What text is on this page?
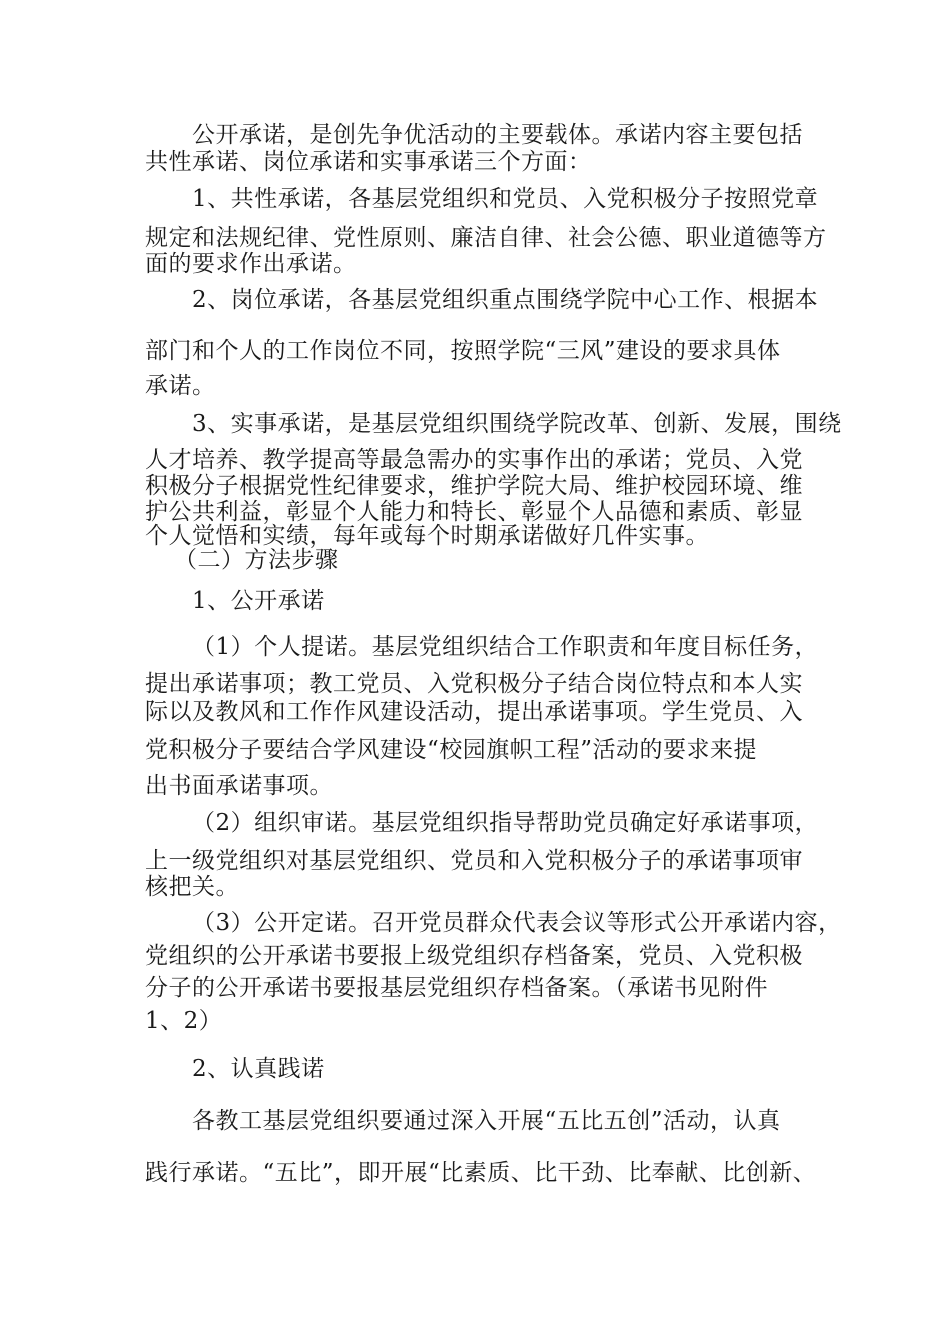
公开承诺，是创先争优活动的主要载体。承诺内容主要包括
共性承诺、岗位承诺和实事承诺三个方面：
1、共性承诺，各基层党组织和党员、入党积极分子按照党章
规定和法规纪律、党性原则、廉洁自律、社会公德、职业道德等方
面的要求作出承诺。
2、岗位承诺，各基层党组织重点围绕学院中心工作、根据本
部门和个人的工作岗位不同，按照学院“三风”建设的要求具体
承诺。
3、实事承诺，是基层党组织围绕学院改革、创新、发展，围绕
人才培养、教学提高等最急需办的实事作出的承诺；党员、入党
积极分子根据党性纪律要求，维护学院大局、维护校园环境、维
护公共利益，彰显个人能力和特长、彰显个人品德和素质、彰显
个人觉悟和实绩，每年或每个时期承诺做好几件实事。
（二）方法步骤
1、公开承诺
（1）个人提诺。基层党组织结合工作职责和年度目标任务，
提出承诺事项；教工党员、入党积极分子结合岗位特点和本人实
际以及教风和工作作风建设活动，提出承诺事项。学生党员、入
党积极分子要结合学风建设“校园旗帜工程”活动的要求来提
出书面承诺事项。
（2）组织审诺。基层党组织指导帮助党员确定好承诺事项，
上一级党组织对基层党组织、党员和入党积极分子的承诺事项审
核把关。
（3）公开定诺。召开党员群众代表会议等形式公开承诺内容，
党组织的公开承诺书要报上级党组织存档备案，党员、入党积极
分子的公开承诺书要报基层党组织存档备案。（承诺书见附件
1、2）
2、认真践诺
各教工基层党组织要通过深入开展“五比五创”活动，认真
践行承诺。“五比”，即开展“比素质、比干劲、比奉献、比创新、
